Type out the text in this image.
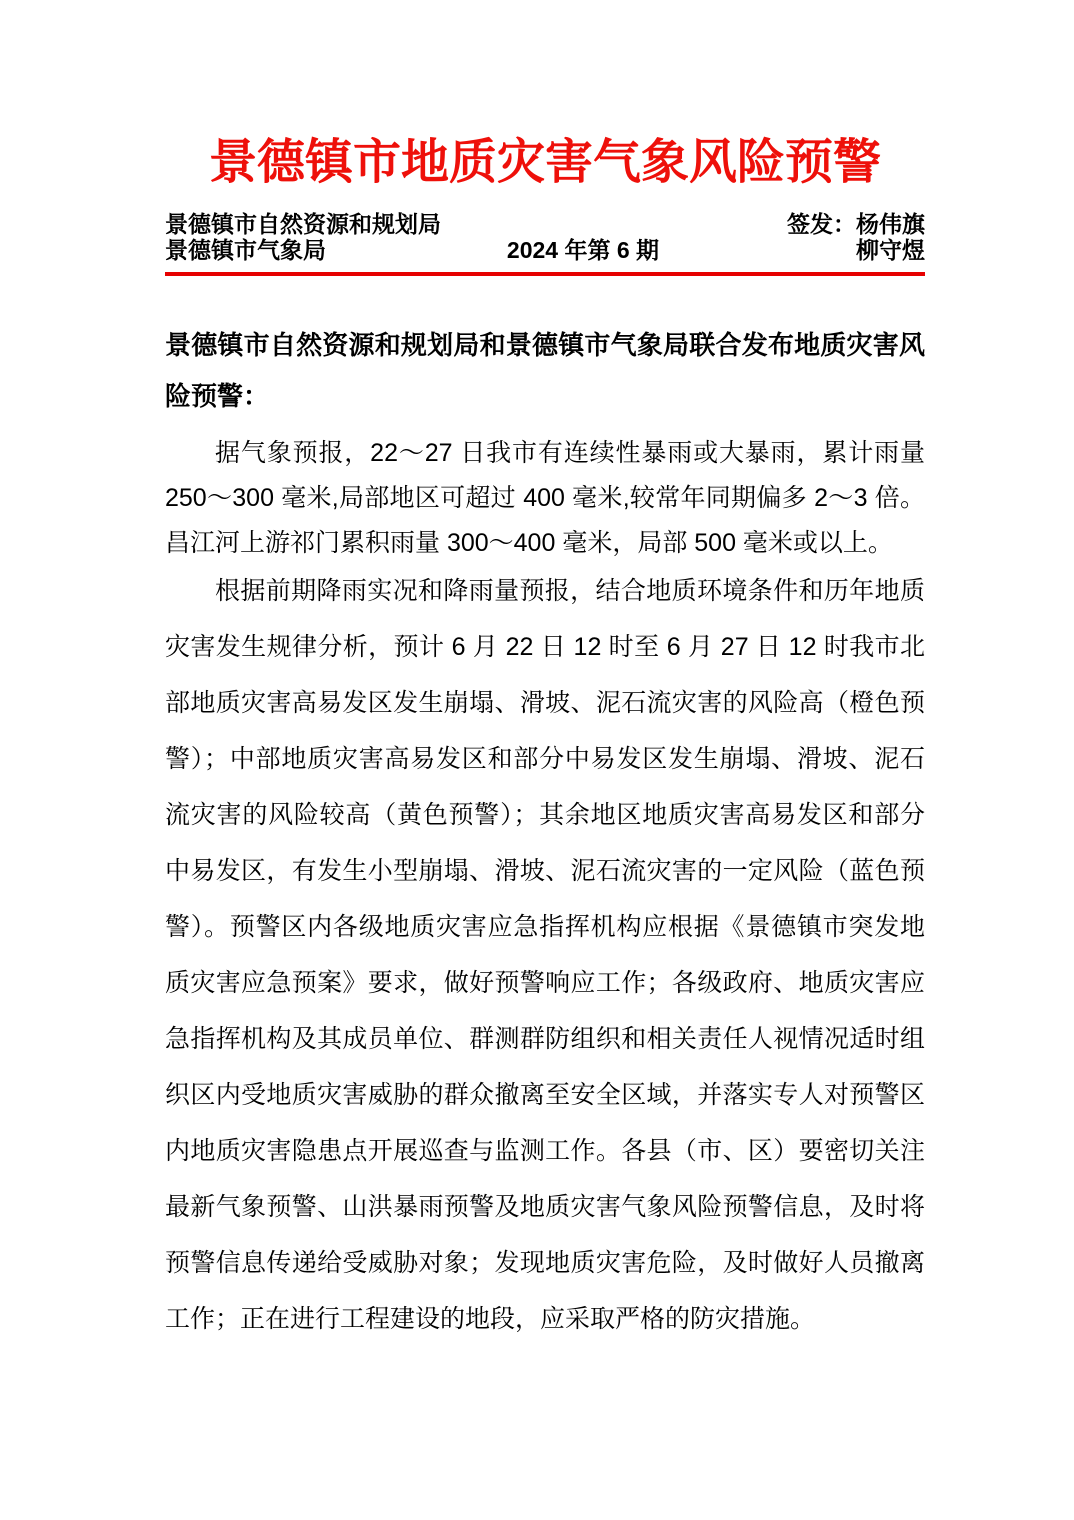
景德镇市地质灾害气象风险预警
景德镇市自然资源和规划局	签发：杨伟旗
景德镇市气象局	2024 年第 6 期	柳守煜

景德镇市自然资源和规划局和景德镇市气象局联合发布地质灾害风险预警：

据气象预报，22～27 日我市有连续性暴雨或大暴雨，累计雨量 250～300 毫米,局部地区可超过 400 毫米,较常年同期偏多 2～3 倍。昌江河上游祁门累积雨量 300～400 毫米，局部 500 毫米或以上。

根据前期降雨实况和降雨量预报，结合地质环境条件和历年地质灾害发生规律分析，预计 6 月 22 日 12 时至 6 月 27 日 12 时我市北部地质灾害高易发区发生崩塌、滑坡、泥石流灾害的风险高（橙色预警）；中部地质灾害高易发区和部分中易发区发生崩塌、滑坡、泥石流灾害的风险较高（黄色预警）；其余地区地质灾害高易发区和部分中易发区，有发生小型崩塌、滑坡、泥石流灾害的一定风险（蓝色预警）。预警区内各级地质灾害应急指挥机构应根据《景德镇市突发地质灾害应急预案》要求，做好预警响应工作；各级政府、地质灾害应急指挥机构及其成员单位、群测群防组织和相关责任人视情况适时组织区内受地质灾害威胁的群众撤离至安全区域，并落实专人对预警区内地质灾害隐患点开展巡查与监测工作。各县（市、区）要密切关注最新气象预警、山洪暴雨预警及地质灾害气象风险预警信息，及时将预警信息传递给受威胁对象；发现地质灾害危险，及时做好人员撤离工作；正在进行工程建设的地段，应采取严格的防灾措施。
